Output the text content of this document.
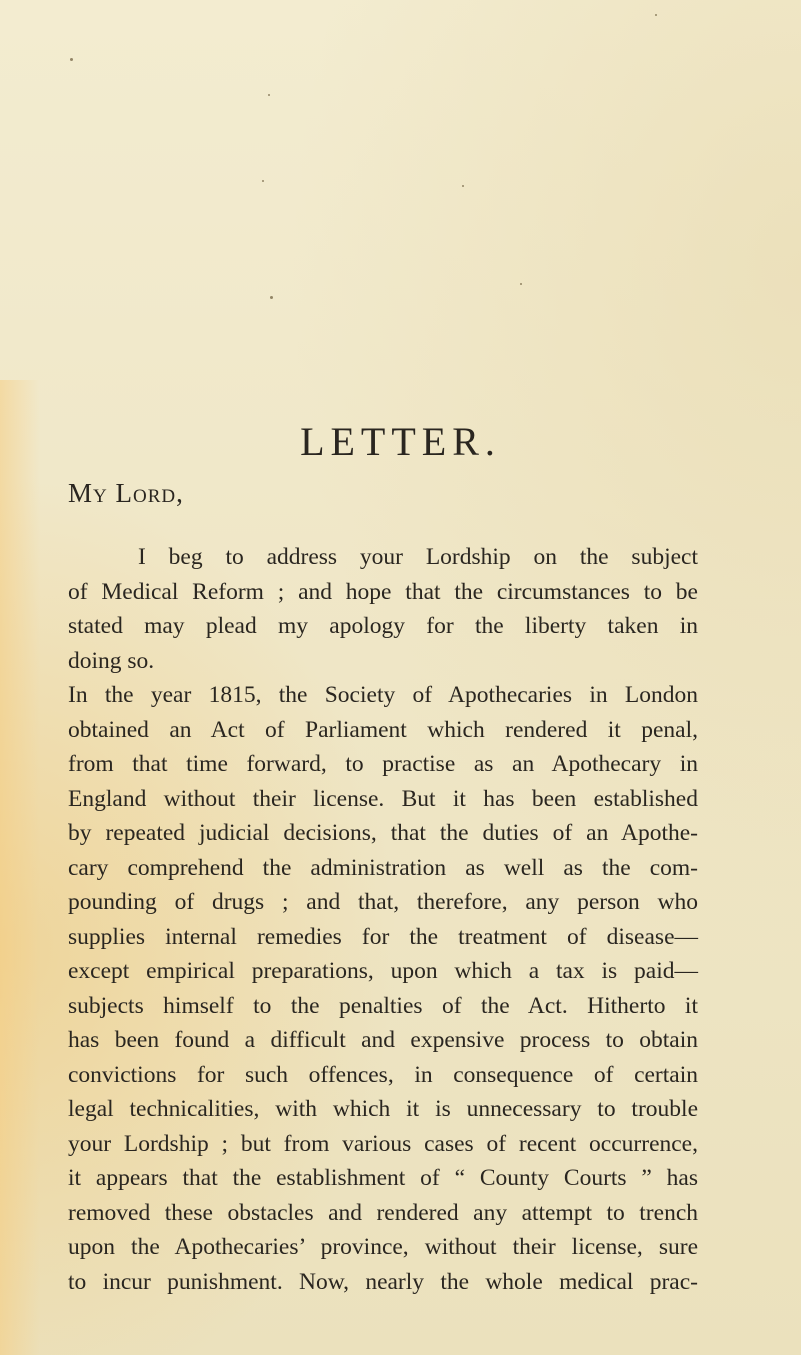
LETTER.

My Lord,

I beg to address your Lordship on the subject
of Medical Reform ; and hope that the circumstances to be
stated may plead my apology for the liberty taken in
doing so.
In the year 1815, the Society of Apothecaries in London
obtained an Act of Parliament which rendered it penal,
from that time forward, to practise as an Apothecary in
England without their license. But it has been established
by repeated judicial decisions, that the duties of an Apothe-
cary comprehend the administration as well as the com-
pounding of drugs ; and that, therefore, any person who
supplies internal remedies for the treatment of disease—
except empirical preparations, upon which a tax is paid—
subjects himself to the penalties of the Act. Hitherto it
has been found a difficult and expensive process to obtain
convictions for such offences, in consequence of certain
legal technicalities, with which it is unnecessary to trouble
your Lordship ; but from various cases of recent occurrence,
it appears that the establishment of “ County Courts ” has
removed these obstacles and rendered any attempt to trench
upon the Apothecaries’ province, without their license, sure
to incur punishment. Now, nearly the whole medical prac-
